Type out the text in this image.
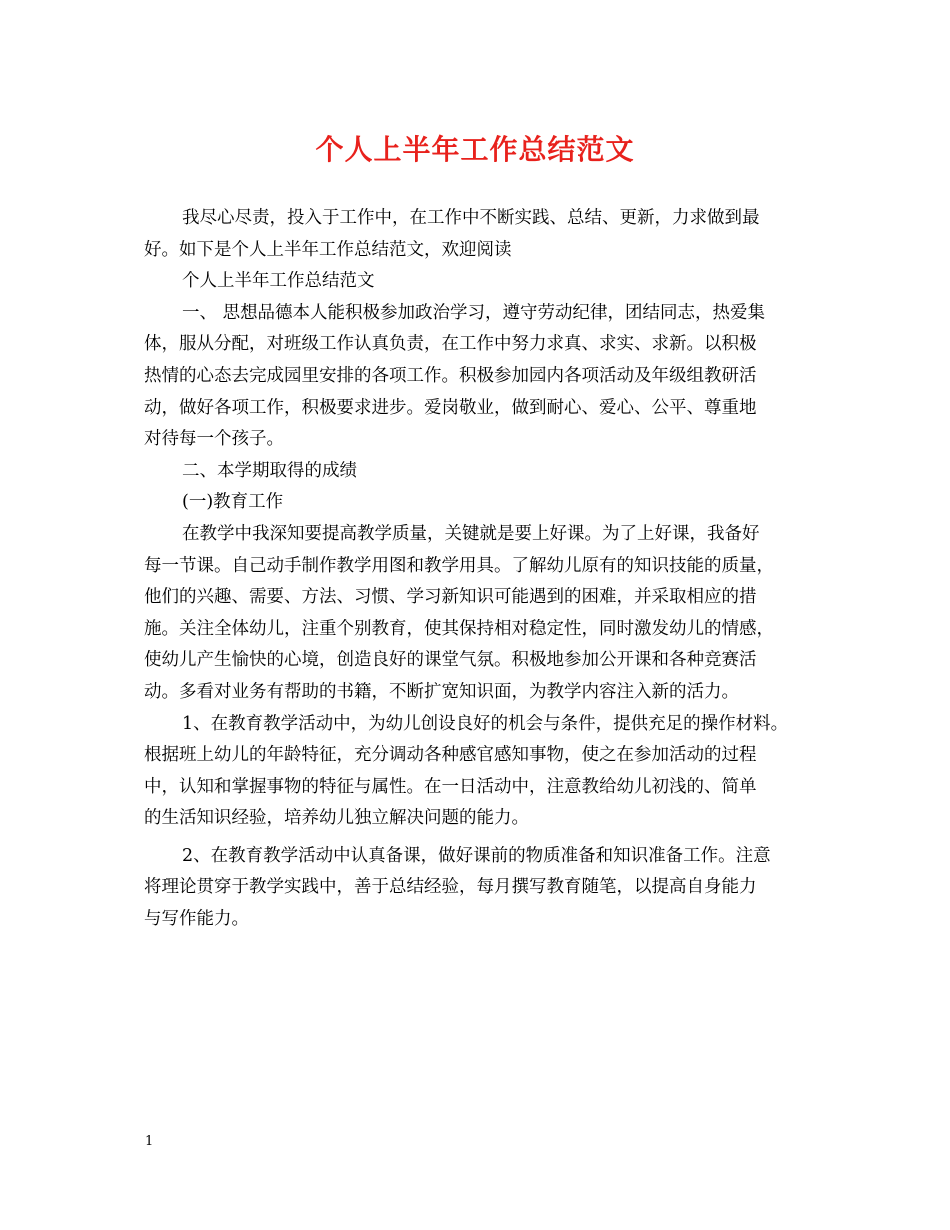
个人上半年工作总结范文
我尽心尽责，投入于工作中，在工作中不断实践、总结、更新，力求做到最
好。如下是个人上半年工作总结范文，欢迎阅读
个人上半年工作总结范文
一、 思想品德本人能积极参加政治学习，遵守劳动纪律，团结同志，热爱集
体，服从分配，对班级工作认真负责，在工作中努力求真、求实、求新。以积极
热情的心态去完成园里安排的各项工作。积极参加园内各项活动及年级组教研活
动，做好各项工作，积极要求进步。爱岗敬业，做到耐心、爱心、公平、尊重地
对待每一个孩子。
二、本学期取得的成绩
(一)教育工作
在教学中我深知要提高教学质量，关键就是要上好课。为了上好课，我备好
每一节课。自己动手制作教学用图和教学用具。了解幼儿原有的知识技能的质量，
他们的兴趣、需要、方法、习惯、学习新知识可能遇到的困难，并采取相应的措
施。关注全体幼儿，注重个别教育，使其保持相对稳定性，同时激发幼儿的情感，
使幼儿产生愉快的心境，创造良好的课堂气氛。积极地参加公开课和各种竞赛活
动。多看对业务有帮助的书籍，不断扩宽知识面，为教学内容注入新的活力。
1、在教育教学活动中，为幼儿创设良好的机会与条件，提供充足的操作材料。
根据班上幼儿的年龄特征，充分调动各种感官感知事物，使之在参加活动的过程
中，认知和掌握事物的特征与属性。在一日活动中，注意教给幼儿初浅的、简单
的生活知识经验，培养幼儿独立解决问题的能力。
2、在教育教学活动中认真备课，做好课前的物质准备和知识准备工作。注意
将理论贯穿于教学实践中，善于总结经验，每月撰写教育随笔，以提高自身能力
与写作能力。
1
